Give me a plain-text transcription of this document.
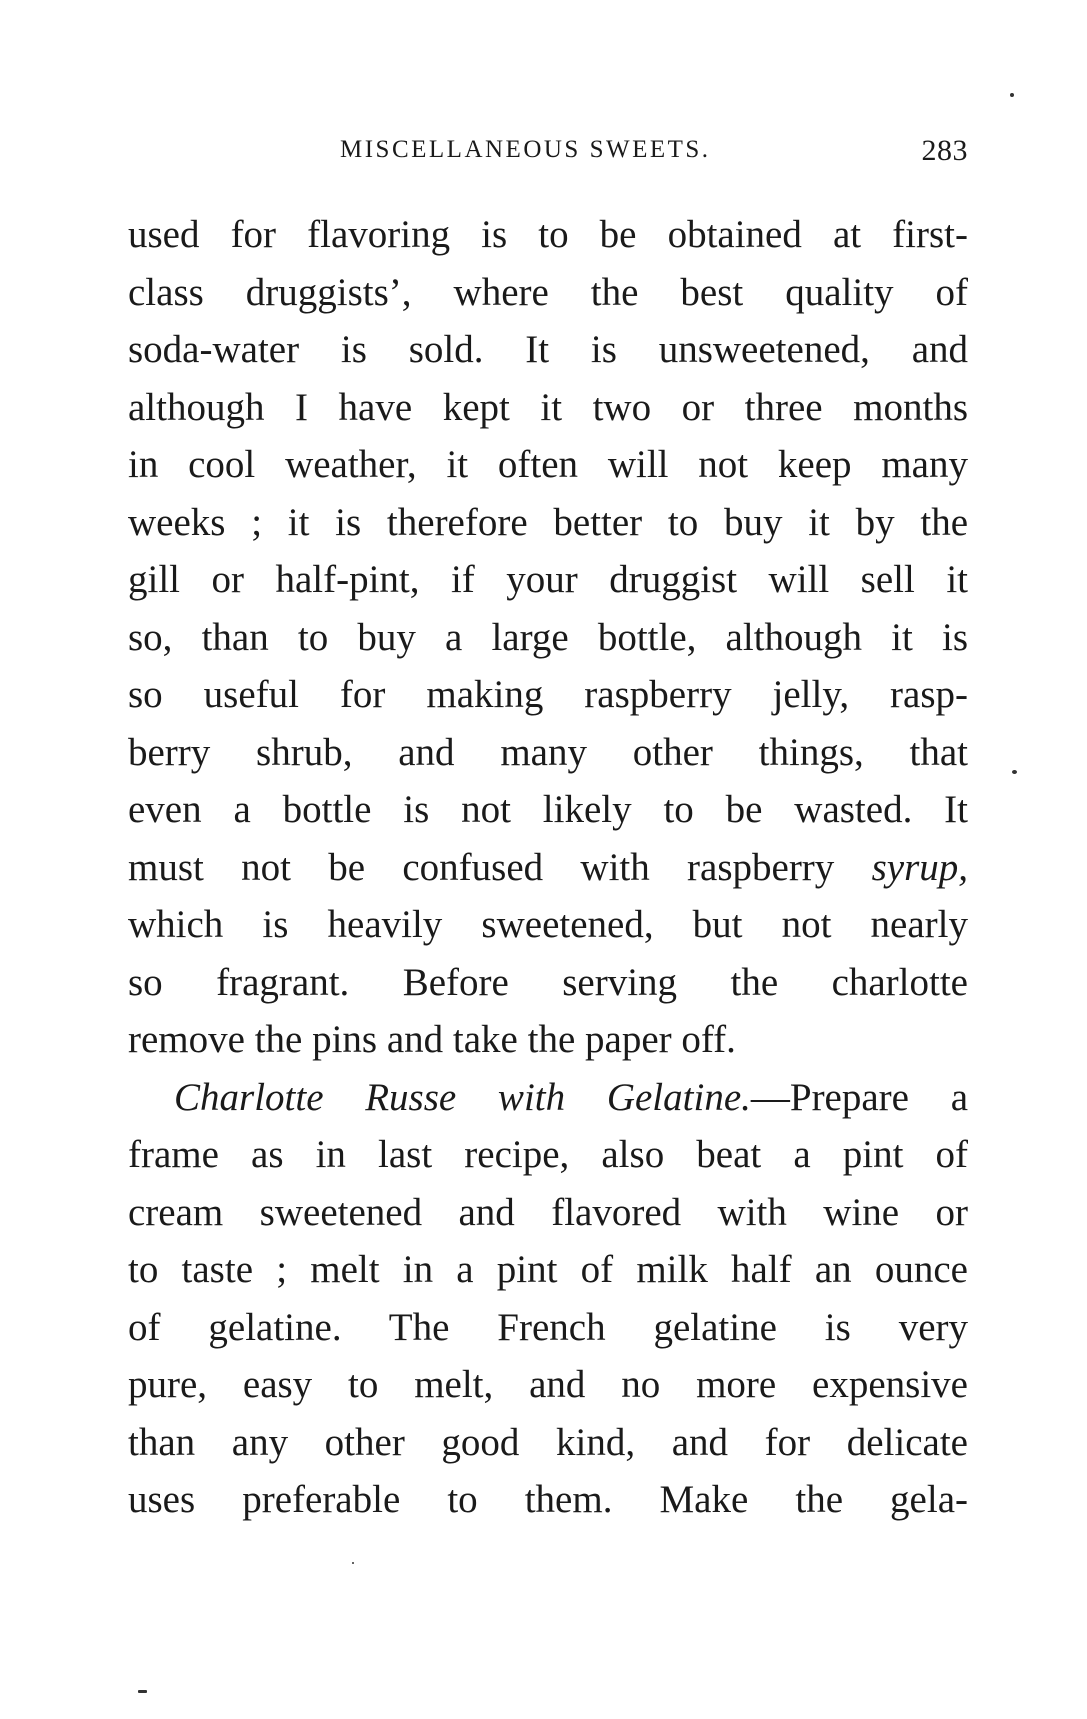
MISCELLANEOUS SWEETS.	283
used for flavoring is to be obtained at first-
class druggists’, where the best quality of
soda-water is sold. It is unsweetened, and
although I have kept it two or three months
in cool weather, it often will not keep many
weeks ; it is therefore better to buy it by the
gill or half-pint, if your druggist will sell it
so, than to buy a large bottle, although it is
so useful for making raspberry jelly, rasp-
berry shrub, and many other things, that
even a bottle is not likely to be wasted. It
must not be confused with raspberry syrup,
which is heavily sweetened, but not nearly
so fragrant. Before serving the charlotte
remove the pins and take the paper off.
Charlotte Russe with Gelatine.—Prepare a
frame as in last recipe, also beat a pint of
cream sweetened and flavored with wine or
to taste ; melt in a pint of milk half an ounce
of gelatine. The French gelatine is very
pure, easy to melt, and no more expensive
than any other good kind, and for delicate
uses preferable to them. Make the gela-
